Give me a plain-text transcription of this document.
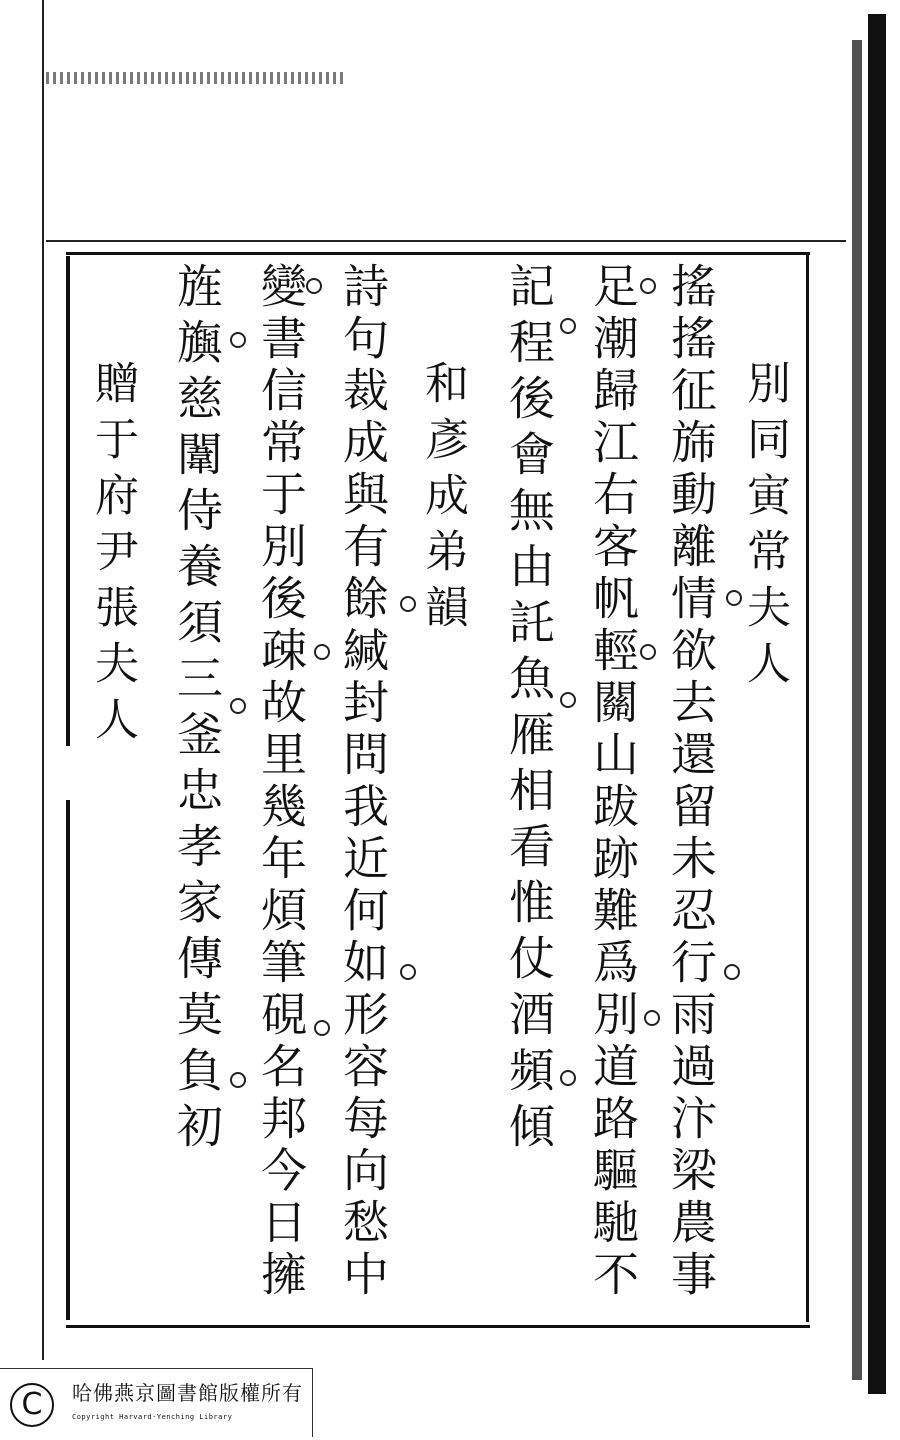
別同寅常夫人
搖搖征旆動離情欲去還留未忍行雨過汴梁農事
足潮歸江右客帆輕關山跋跡難爲別道路驅馳不
記程後會無由託魚雁相看惟仗酒頻傾
和彥成弟韻
詩句裁成與有餘緘封問我近何如形容每向愁中
變書信常于別後疎故里幾年煩筆硯名邦今日擁
旌旟慈闈侍養須三釜忠孝家傳莫負初
贈于府尹張夫人
C	哈佛燕京圖書館版權所有
Copyright Harvard-Yenching Library
